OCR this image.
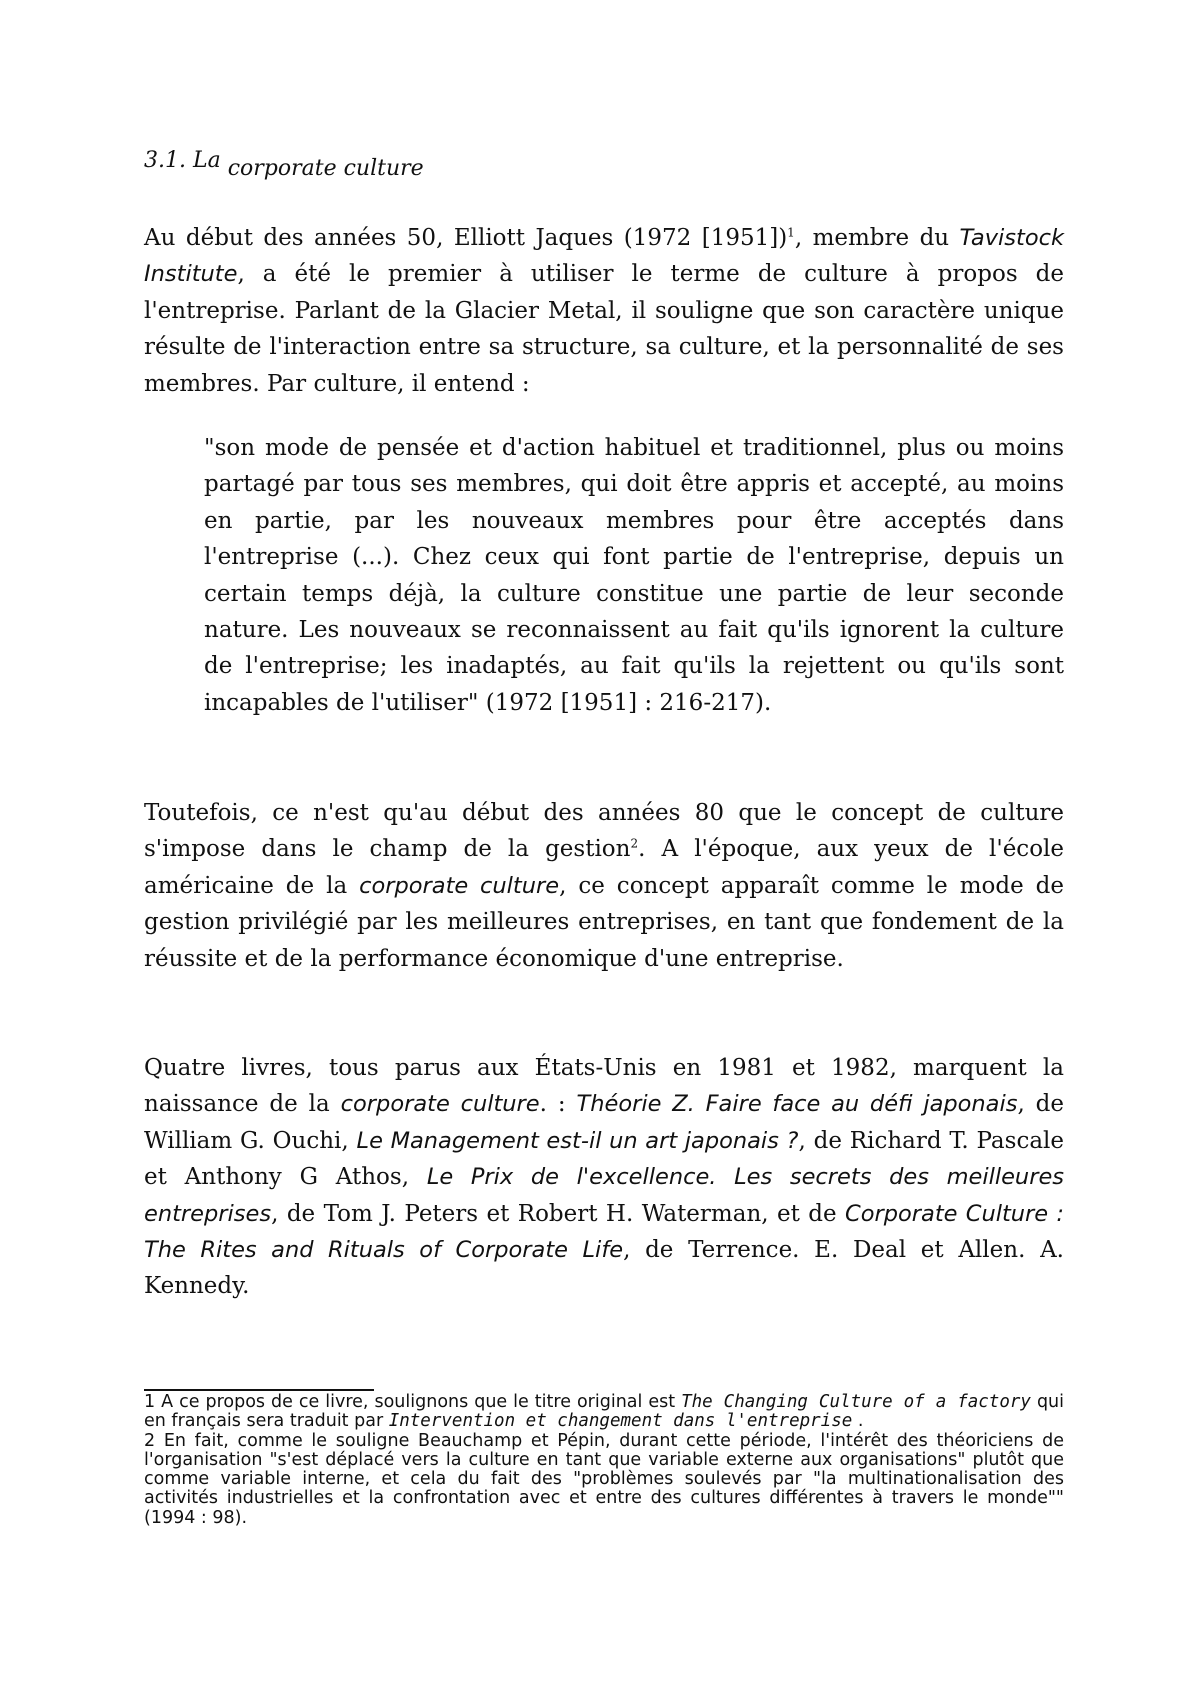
3.1. La corporate culture

Au début des années 50, Elliott Jaques (1972 [1951])$^1$, membre du Tavistock Institute, a été le premier à utiliser le terme de culture à propos de l'entreprise. Parlant de la Glacier Metal, il souligne que son caractère unique résulte de l'interaction entre sa structure, sa culture, et la personnalité de ses membres. Par culture, il entend :

"son mode de pensée et d'action habituel et traditionnel, plus ou moins partagé par tous ses membres, qui doit être appris et accepté, au moins en partie, par les nouveaux membres pour être acceptés dans l'entreprise (...). Chez ceux qui font partie de l'entreprise, depuis un certain temps déjà, la culture constitue une partie de leur seconde nature. Les nouveaux se reconnaissent au fait qu'ils ignorent la culture de l'entreprise; les inadaptés, au fait qu'ils la rejettent ou qu'ils sont incapables de l'utiliser" (1972 [1951] : 216-217).

Toutefois, ce n'est qu'au début des années 80 que le concept de culture s'impose dans le champ de la gestion$^2$. A l'époque, aux yeux de l'école américaine de la corporate culture, ce concept apparaît comme le mode de gestion privilégié par les meilleures entreprises, en tant que fondement de la réussite et de la performance économique d'une entreprise.

Quatre livres, tous parus aux États-Unis en 1981 et 1982, marquent la naissance de la corporate culture. : Théorie Z. Faire face au défi japonais, de William G. Ouchi, Le Management est-il un art japonais ?, de Richard T. Pascale et Anthony G Athos, Le Prix de l'excellence. Les secrets des meilleures entreprises, de Tom J. Peters et Robert H. Waterman, et de Corporate Culture : The Rites and Rituals of Corporate Life, de Terrence. E. Deal et Allen. A. Kennedy.

1 A ce propos de ce livre, soulignons que le titre original est The Changing Culture of a factory qui en français sera traduit par Intervention et changement dans l'entreprise .

2 En fait, comme le souligne Beauchamp et Pépin, durant cette période, l'intérêt des théoriciens de l'organisation "s'est déplacé vers la culture en tant que variable externe aux organisations" plutôt que comme variable interne, et cela du fait des "problèmes soulevés par "la multinationalisation des activités industrielles et la confrontation avec et entre des cultures différentes à travers le monde"" (1994 : 98).
